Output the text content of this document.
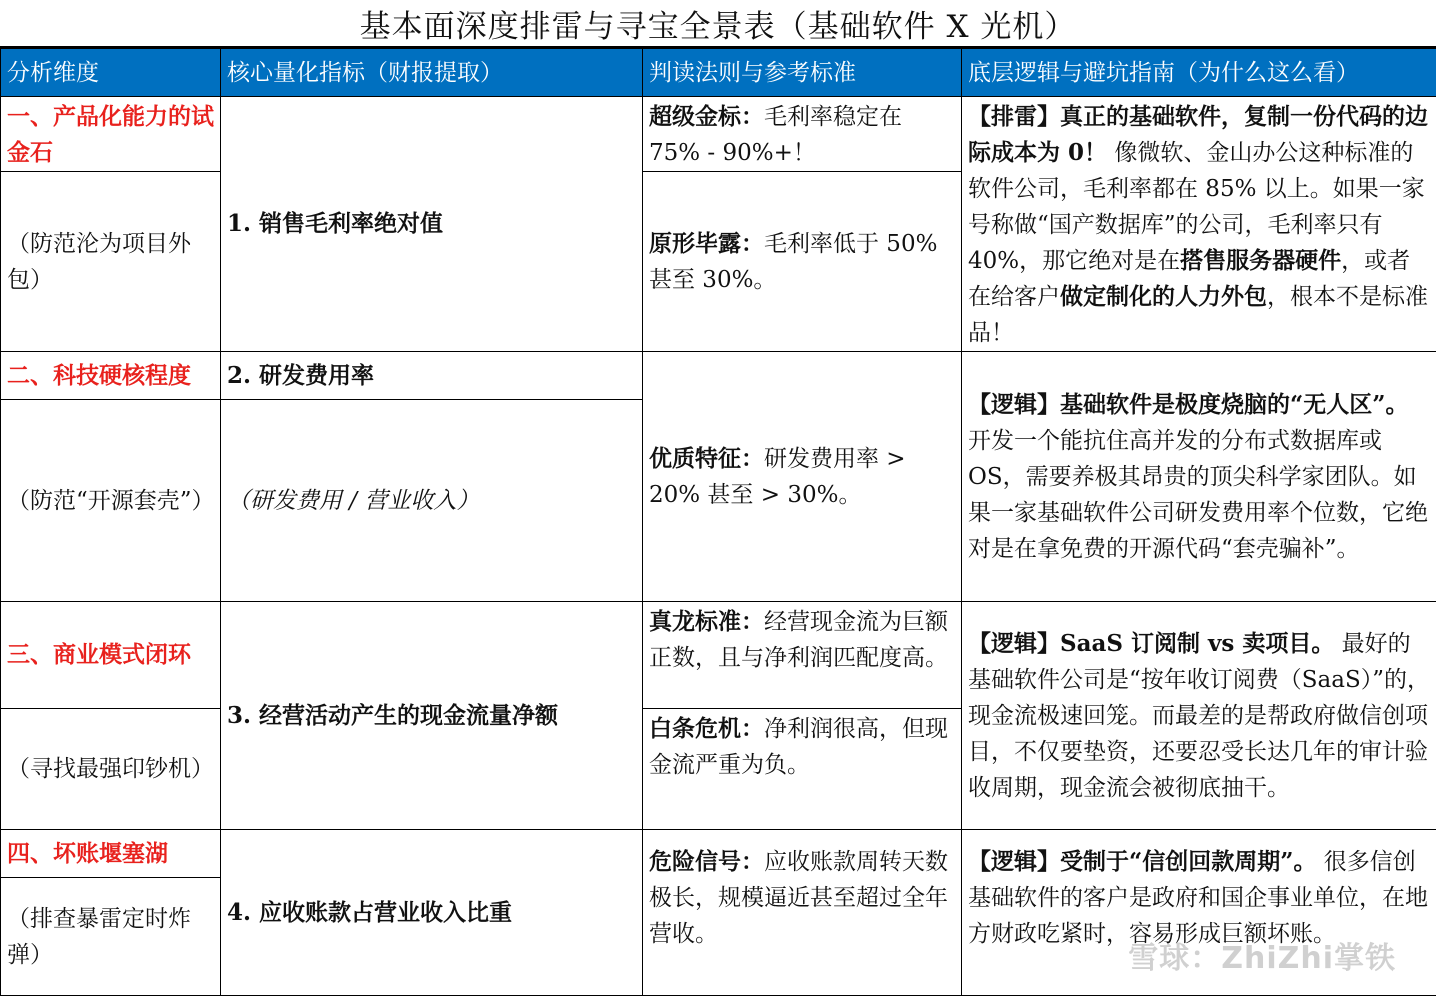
基本面深度排雷与寻宝全景表（基础软件 X 光机）
分析维度	核心量化指标（财报提取）	判读法则与参考标准	底层逻辑与避坑指南（为什么这么看）
一、产品化能力的试金石	1. 销售毛利率绝对值	超级金标：毛利率稳定在 75% - 90%+！	【排雷】真正的基础软件，复制一份代码的边际成本为 0！ 像微软、金山办公这种标准的软件公司，毛利率都在 85% 以上。如果一家号称做“国产数据库”的公司，毛利率只有 40%，那它绝对是在搭售服务器硬件，或者在给客户做定制化的人力外包，根本不是标准品！
（防范沦为项目外包）		原形毕露：毛利率低于 50% 甚至 30%。	
二、科技硬核程度	2. 研发费用率	优质特征：研发费用率 > 20% 甚至 > 30%。	【逻辑】基础软件是极度烧脑的“无人区”。开发一个能抗住高并发的分布式数据库或 OS，需要养极其昂贵的顶尖科学家团队。如果一家基础软件公司研发费用率个位数，它绝对是在拿免费的开源代码“套壳骗补”。
（防范“开源套壳”）	（研发费用 / 营业收入）		
三、商业模式闭环	3. 经营活动产生的现金流量净额	真龙标准：经营现金流为巨额正数，且与净利润匹配度高。	【逻辑】SaaS 订阅制 vs 卖项目。 最好的基础软件公司是“按年收订阅费（SaaS）”的，现金流极速回笼。而最差的是帮政府做信创项目，不仅要垫资，还要忍受长达几年的审计验收周期，现金流会被彻底抽干。
（寻找最强印钞机）		白条危机：净利润很高，但现金流严重为负。	
四、坏账堰塞湖	4. 应收账款占营业收入比重	危险信号：应收账款周转天数极长，规模逼近甚至超过全年营收。	【逻辑】受制于“信创回款周期”。 很多信创基础软件的客户是政府和国企事业单位，在地方财政吃紧时，容易形成巨额坏账。
（排查暴雷定时炸弹）				雪球：ZhiZhi掌铁
